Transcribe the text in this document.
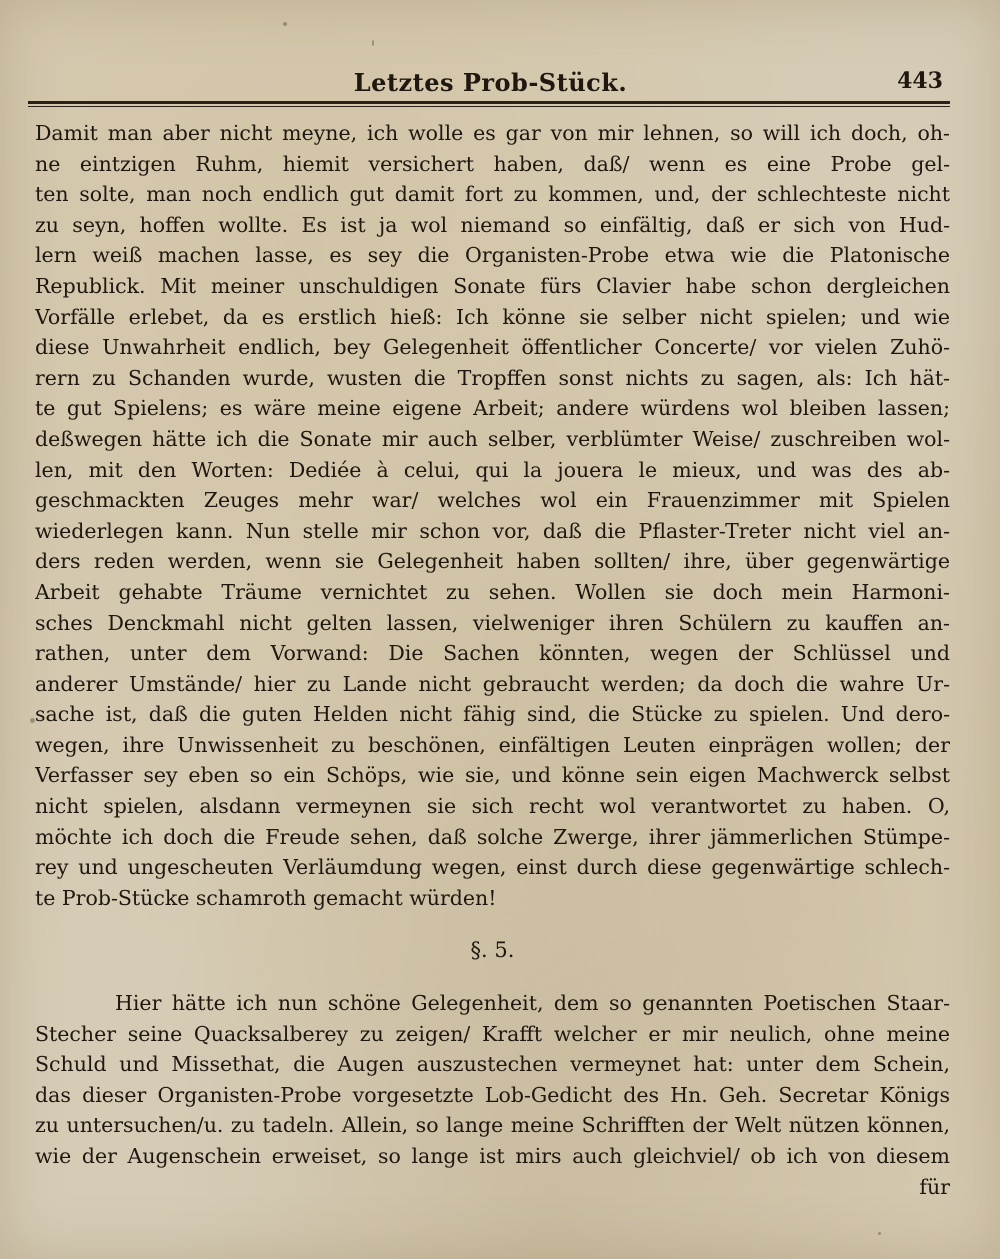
Letztes Prob-Stück.	443
Damit man aber nicht meyne, ich wolle es gar von mir lehnen, so will ich doch, oh-
ne eintzigen Ruhm, hiemit versichert haben, daß/ wenn es eine Probe gel-
ten solte, man noch endlich gut damit fort zu kommen, und, der schlechteste nicht
zu seyn, hoffen wollte. Es ist ja wol niemand so einfältig, daß er sich von Hud-
lern weiß machen lasse, es sey die Organisten-Probe etwa wie die Platonische
Republick. Mit meiner unschuldigen Sonate fürs Clavier habe schon dergleichen
Vorfälle erlebet, da es erstlich hieß: Ich könne sie selber nicht spielen; und wie
diese Unwahrheit endlich, bey Gelegenheit öffentlicher Concerte/ vor vielen Zuhö-
rern zu Schanden wurde, wusten die Tropffen sonst nichts zu sagen, als: Ich hät-
te gut Spielens; es wäre meine eigene Arbeit; andere würdens wol bleiben lassen;
deßwegen hätte ich die Sonate mir auch selber, verblümter Weise/ zuschreiben wol-
len, mit den Worten: Dediée à celui, qui la jouera le mieux, und was des ab-
geschmackten Zeuges mehr war/ welches wol ein Frauenzimmer mit Spielen
wiederlegen kann. Nun stelle mir schon vor, daß die Pflaster-Treter nicht viel an-
ders reden werden, wenn sie Gelegenheit haben sollten/ ihre, über gegenwärtige
Arbeit gehabte Träume vernichtet zu sehen. Wollen sie doch mein Harmoni-
sches Denckmahl nicht gelten lassen, vielweniger ihren Schülern zu kauffen an-
rathen, unter dem Vorwand: Die Sachen könnten, wegen der Schlüssel und
anderer Umstände/ hier zu Lande nicht gebraucht werden; da doch die wahre Ur-
sache ist, daß die guten Helden nicht fähig sind, die Stücke zu spielen. Und dero-
wegen, ihre Unwissenheit zu beschönen, einfältigen Leuten einprägen wollen; der
Verfasser sey eben so ein Schöps, wie sie, und könne sein eigen Machwerck selbst
nicht spielen, alsdann vermeynen sie sich recht wol verantwortet zu haben. O,
möchte ich doch die Freude sehen, daß solche Zwerge, ihrer jämmerlichen Stümpe-
rey und ungescheuten Verläumdung wegen, einst durch diese gegenwärtige schlech-
te Prob-Stücke schamroth gemacht würden!
§. 5.
Hier hätte ich nun schöne Gelegenheit, dem so genannten Poetischen Staar-
Stecher seine Quacksalberey zu zeigen/ Krafft welcher er mir neulich, ohne meine
Schuld und Missethat, die Augen auszustechen vermeynet hat: unter dem Schein,
das dieser Organisten-Probe vorgesetzte Lob-Gedicht des Hn. Geh. Secretar Königs
zu untersuchen/u. zu tadeln. Allein, so lange meine Schrifften der Welt nützen können,
wie der Augenschein erweiset, so lange ist mirs auch gleichviel/ ob ich von diesem
für
